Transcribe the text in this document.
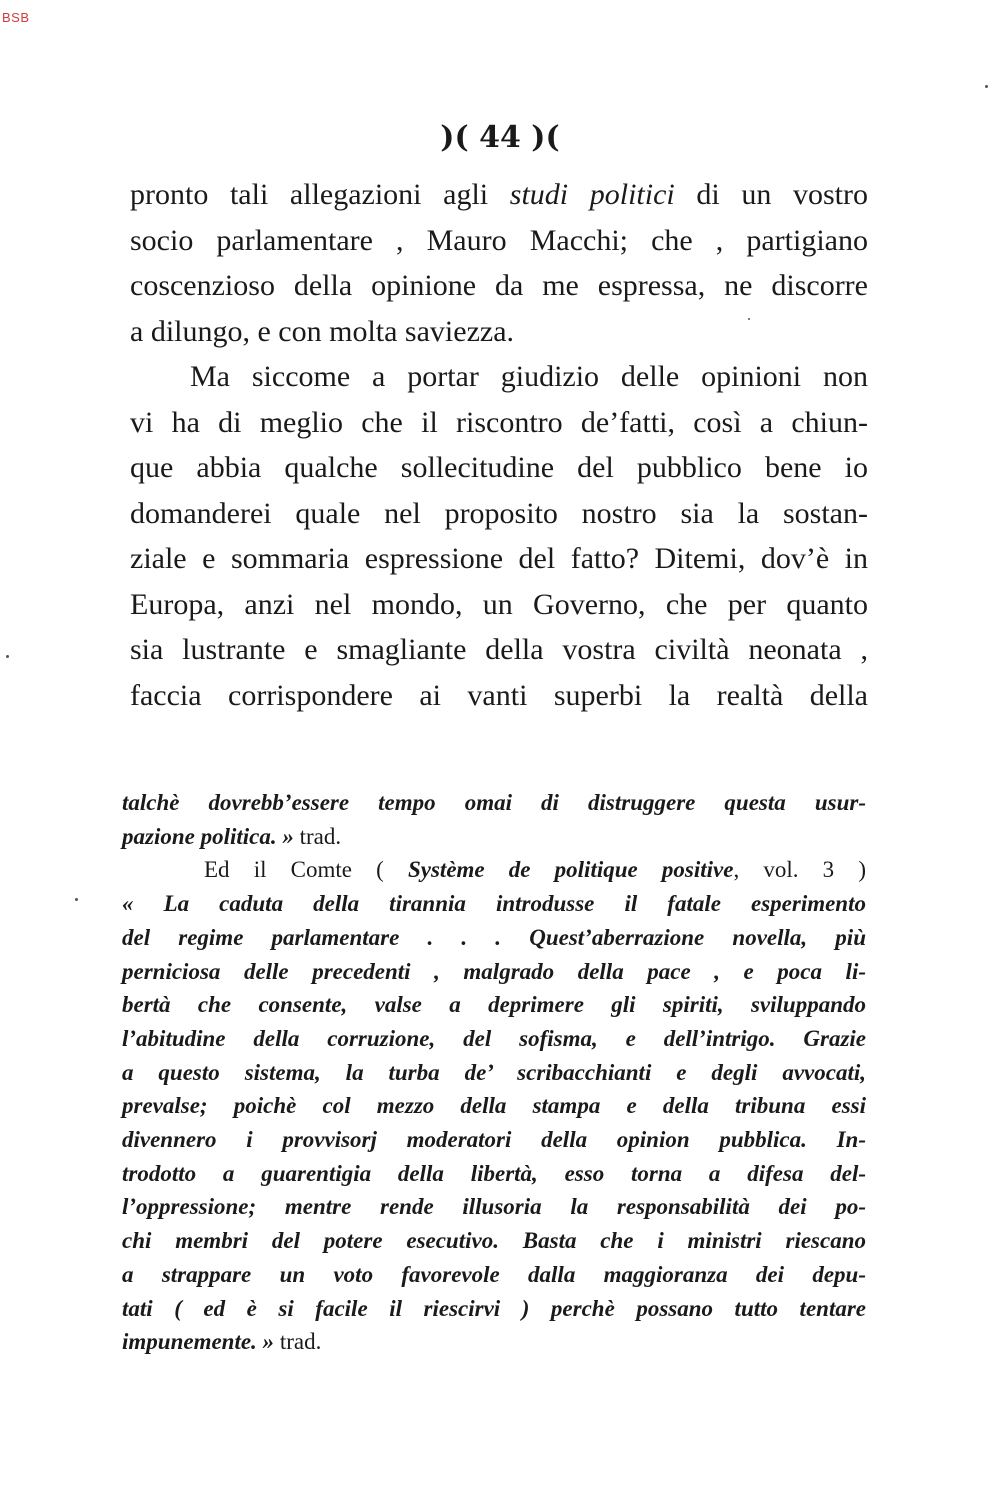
BSB
)( 44 )(
pronto tali allegazioni agli studi politici di un vostro
socio parlamentare , Mauro Macchi; che , partigiano
coscenzioso della opinione da me espressa, ne discorre
a dilungo, e con molta saviezza.
Ma siccome a portar giudizio delle opinioni non
vi ha di meglio che il riscontro de’fatti, così a chiun-
que abbia qualche sollecitudine del pubblico bene io
domanderei quale nel proposito nostro sia la sostan-
ziale e sommaria espressione del fatto? Ditemi, dov’è in
Europa, anzi nel mondo, un Governo, che per quanto
sia lustrante e smagliante della vostra civiltà neonata ,
faccia corrispondere ai vanti superbi la realtà della
talchè dovrebb’essere tempo omai di distruggere questa usur-
pazione politica. » trad.
Ed il Comte ( Système de politique positive, vol. 3 )
« La caduta della tirannia introdusse il fatale esperimento
del regime parlamentare . . . Quest’aberrazione novella, più
perniciosa delle precedenti , malgrado della pace , e poca li-
bertà che consente, valse a deprimere gli spiriti, sviluppando
l’abitudine della corruzione, del sofisma, e dell’intrigo. Grazie
a questo sistema, la turba de’ scribacchianti e degli avvocati,
prevalse; poichè col mezzo della stampa e della tribuna essi
divennero i provvisorj moderatori della opinion pubblica. In-
trodotto a guarentigia della libertà, esso torna a difesa del-
l’oppressione; mentre rende illusoria la responsabilità dei po-
chi membri del potere esecutivo. Basta che i ministri riescano
a strappare un voto favorevole dalla maggioranza dei depu-
tati ( ed è si facile il riescirvi ) perchè possano tutto tentare
impunemente. » trad.
